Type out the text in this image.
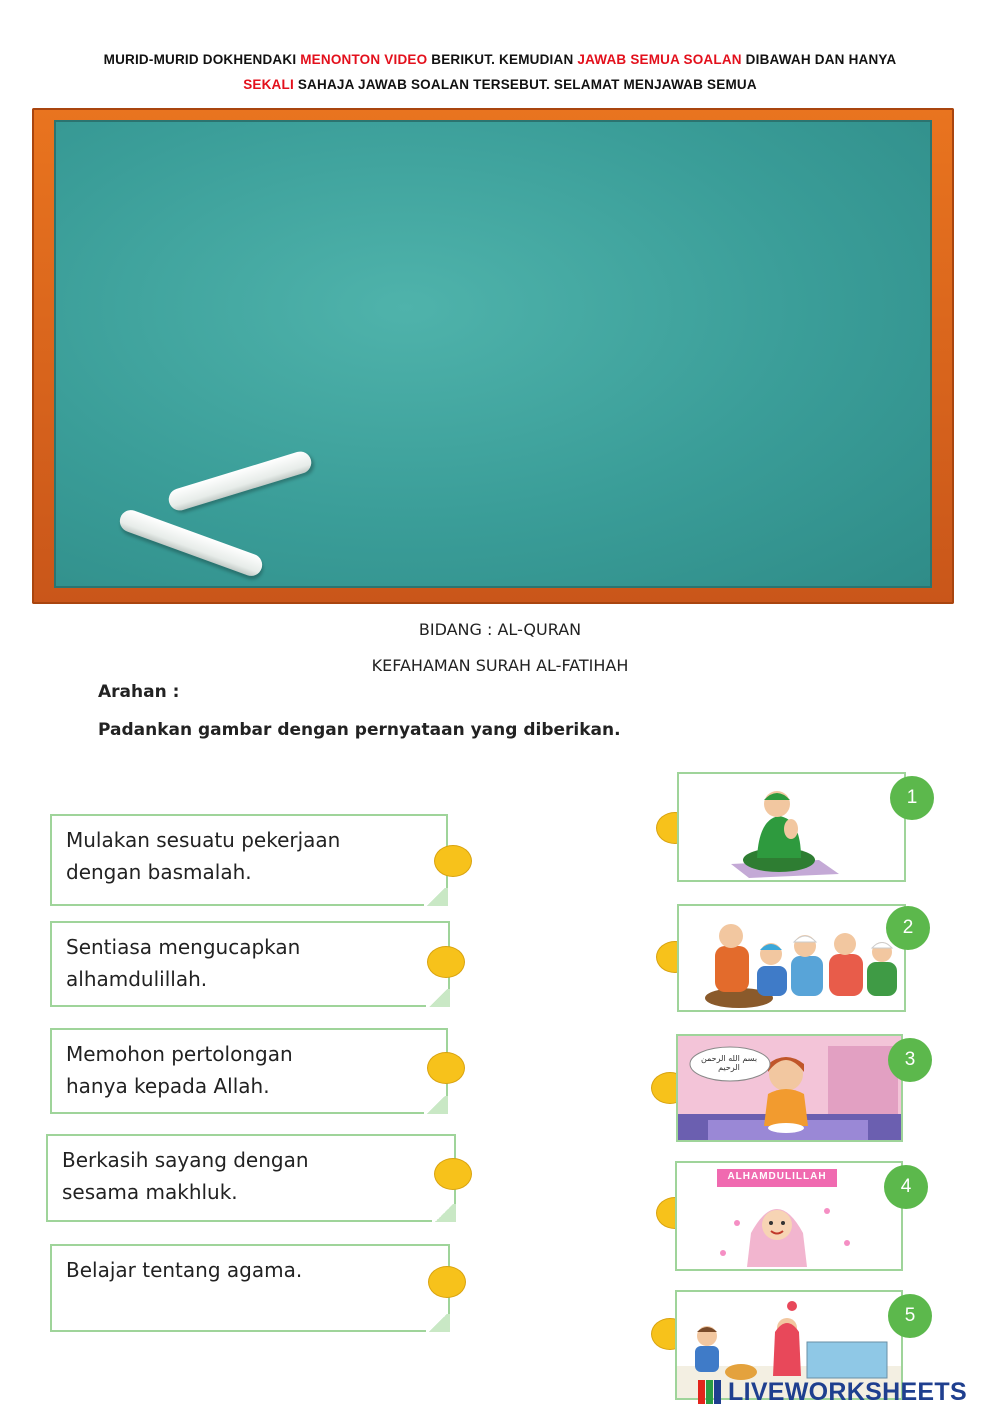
MURID-MURID DOKHENDAKI MENONTON VIDEO BERIKUT. KEMUDIAN JAWAB SEMUA SOALAN DIBAWAH DAN HANYA
SEKALI SAHAJA JAWAB SOALAN TERSEBUT. SELAMAT MENJAWAB SEMUA
BIDANG : AL-QURAN
KEFAHAMAN SURAH AL-FATIHAH
Arahan :
Padankan gambar dengan pernyataan yang diberikan.
Mulakan sesuatu pekerjaan
dengan basmalah.
Sentiasa mengucapkan
alhamdulillah.
Memohon pertolongan
hanya kepada Allah.
Berkasih sayang dengan
sesama makhluk.
Belajar tentang agama.
1
2
بسم الله الرحمن الرحيم	3
ALHAMDULILLAH	4
5
LIVEWORKSHEETS
